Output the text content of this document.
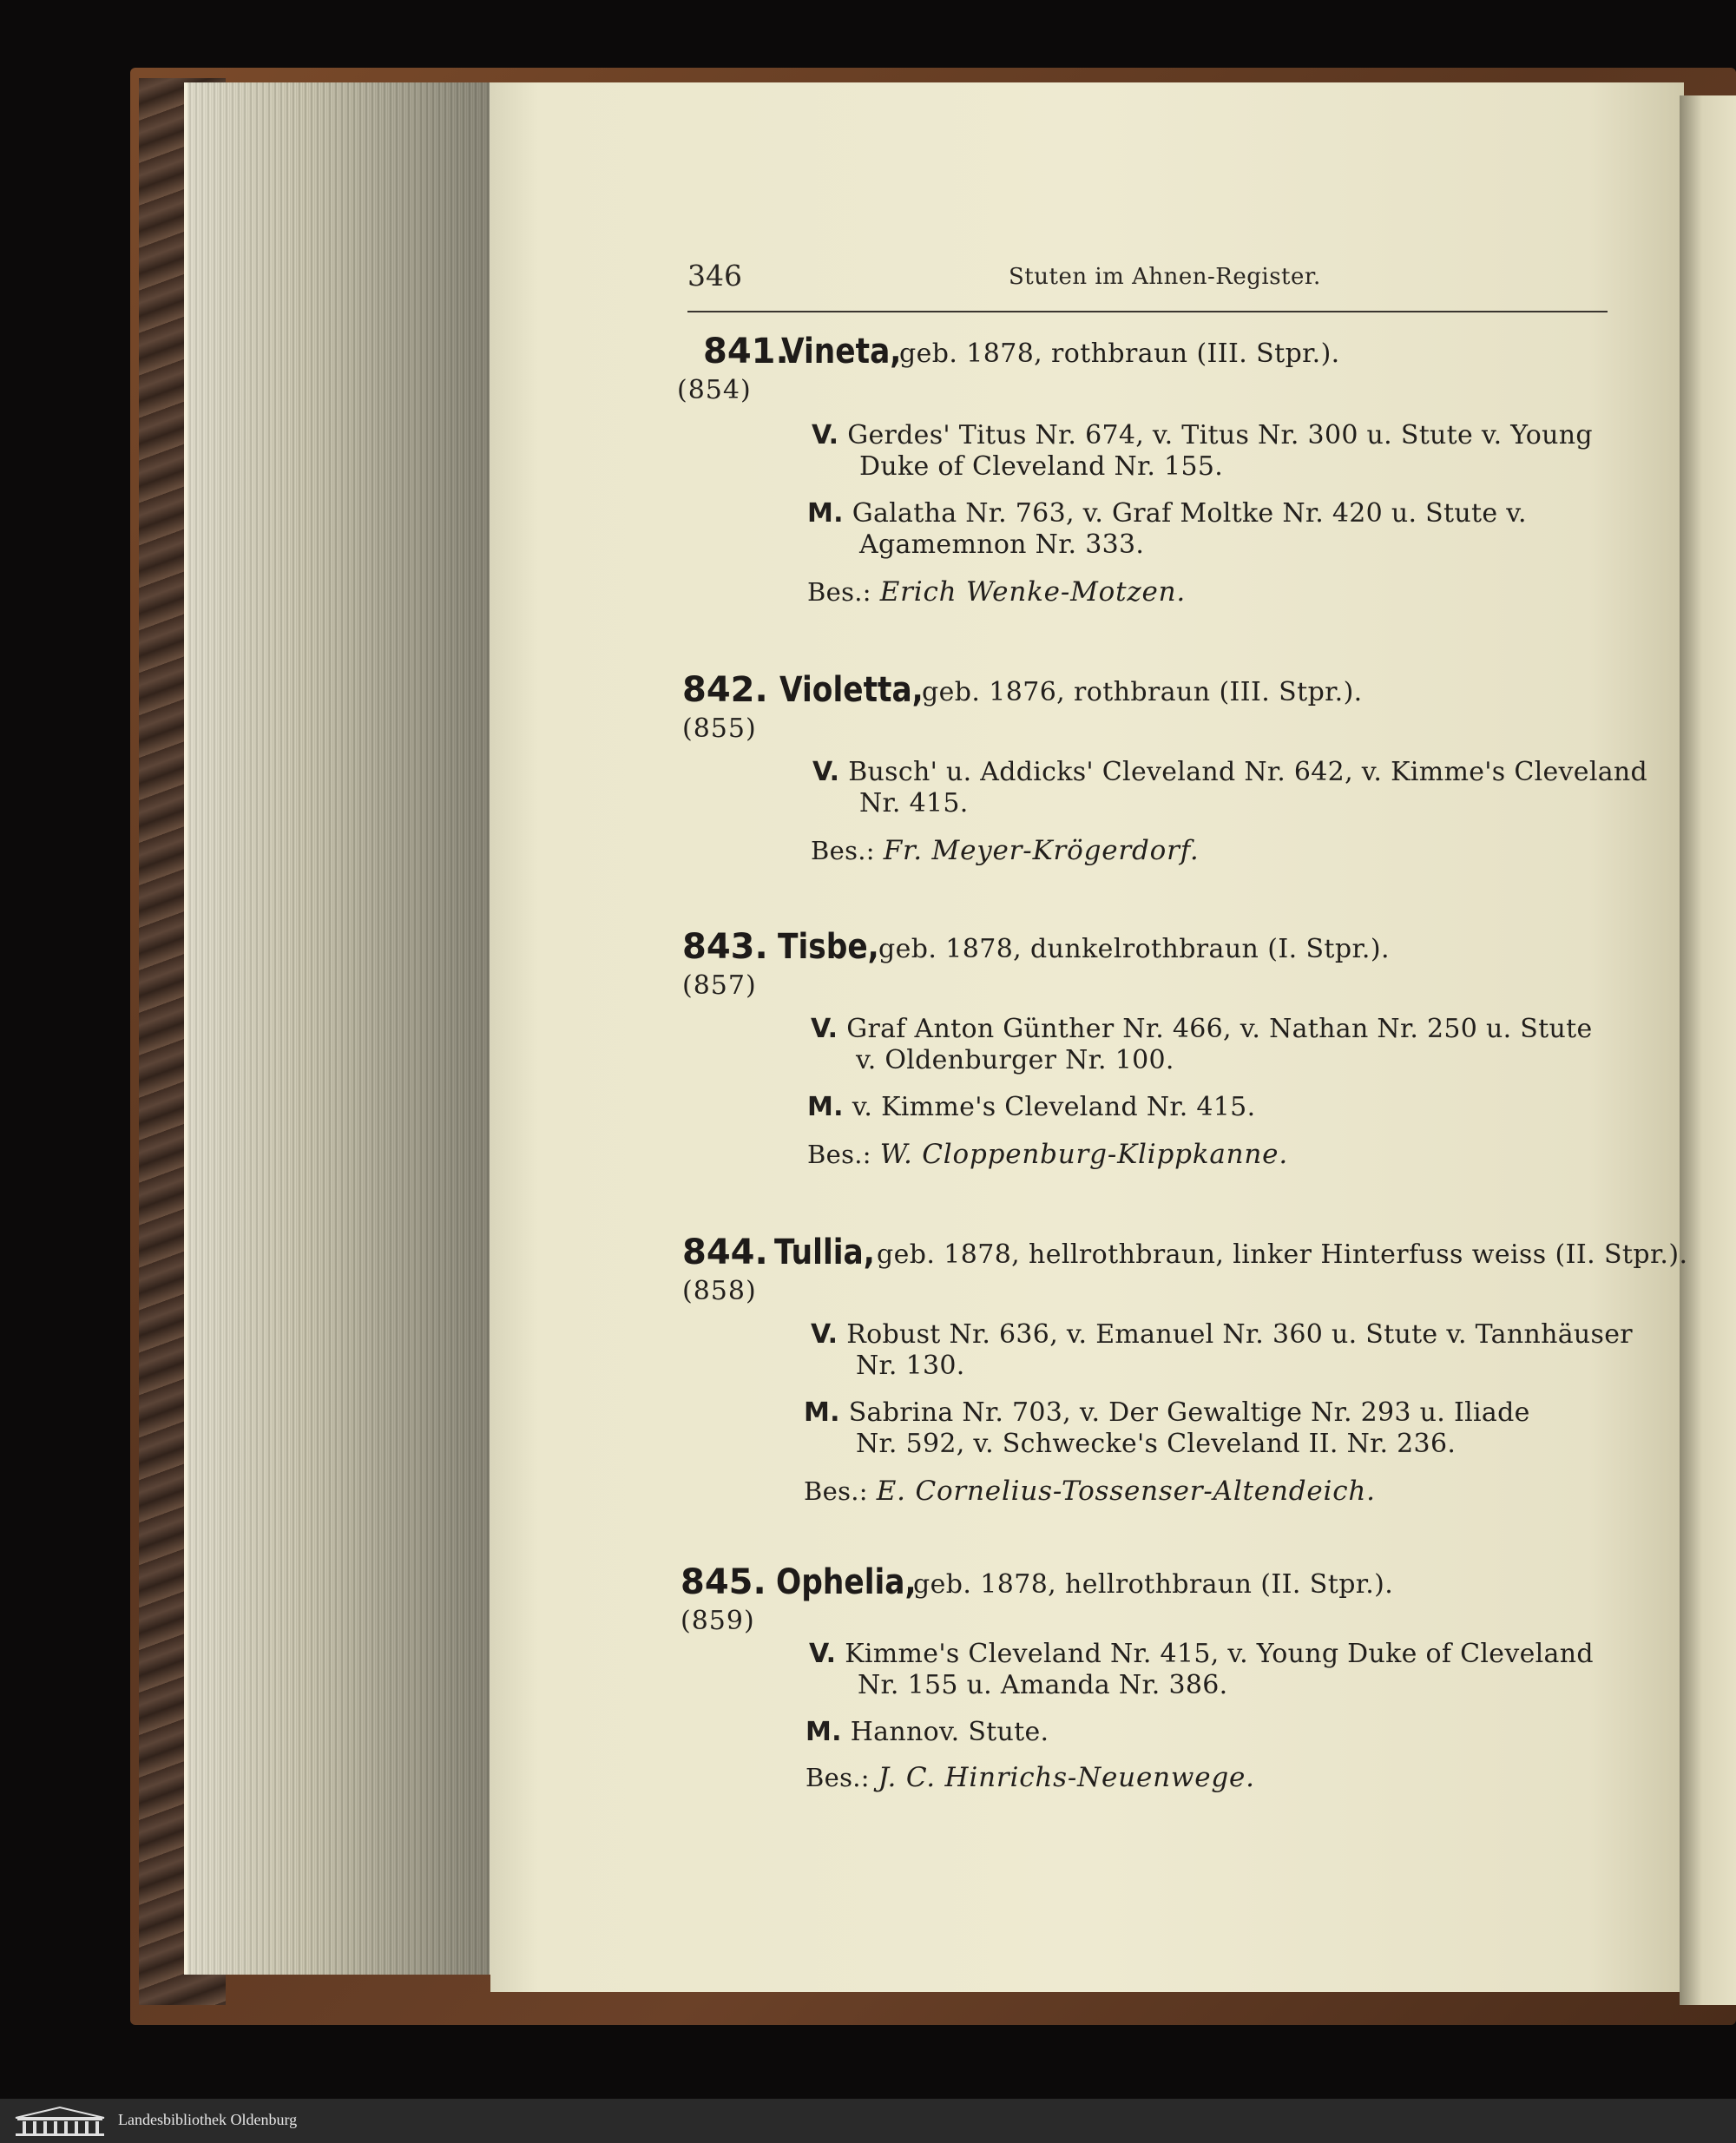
346	Stuten im Ahnen-Register.
841.
Vineta,
geb. 1878, rothbraun (III. Stpr.).
(854)
V. Gerdes' Titus Nr. 674, v. Titus Nr. 300 u. Stute v. Young
Duke of Cleveland Nr. 155.
M. Galatha Nr. 763, v. Graf Moltke Nr. 420 u. Stute v.
Agamemnon Nr. 333.
Bes.: Erich Wenke-Motzen.
842. Violetta,
geb. 1876, rothbraun (III. Stpr.).
(855)
V. Busch' u. Addicks' Cleveland Nr. 642, v. Kimme's Cleveland
Nr. 415.
Bes.: Fr. Meyer-Krögerdorf.
843. Tisbe, geb. 1878, dunkelrothbraun (I. Stpr.).
(857)
V. Graf Anton Günther Nr. 466, v. Nathan Nr. 250 u. Stute
v. Oldenburger Nr. 100.
M. v. Kimme's Cleveland Nr. 415.
Bes.: W. Cloppenburg-Klippkanne.
844. Tullia, geb. 1878, hellrothbraun, linker Hinterfuss weiss (II. Stpr.).
(858)
V. Robust Nr. 636, v. Emanuel Nr. 360 u. Stute v. Tannhäuser
Nr. 130.
M. Sabrina Nr. 703, v. Der Gewaltige Nr. 293 u. Iliade
Nr. 592, v. Schwecke's Cleveland II. Nr. 236.
Bes.: E. Cornelius-Tossenser-Altendeich.
845. Ophelia,
geb. 1878, hellrothbraun (II. Stpr.).
(859)
V. Kimme's Cleveland Nr. 415, v. Young Duke of Cleveland
Nr. 155 u. Amanda Nr. 386.
M. Hannov. Stute.
Bes.: J. C. Hinrichs-Neuenwege.
Landesbibliothek Oldenburg
